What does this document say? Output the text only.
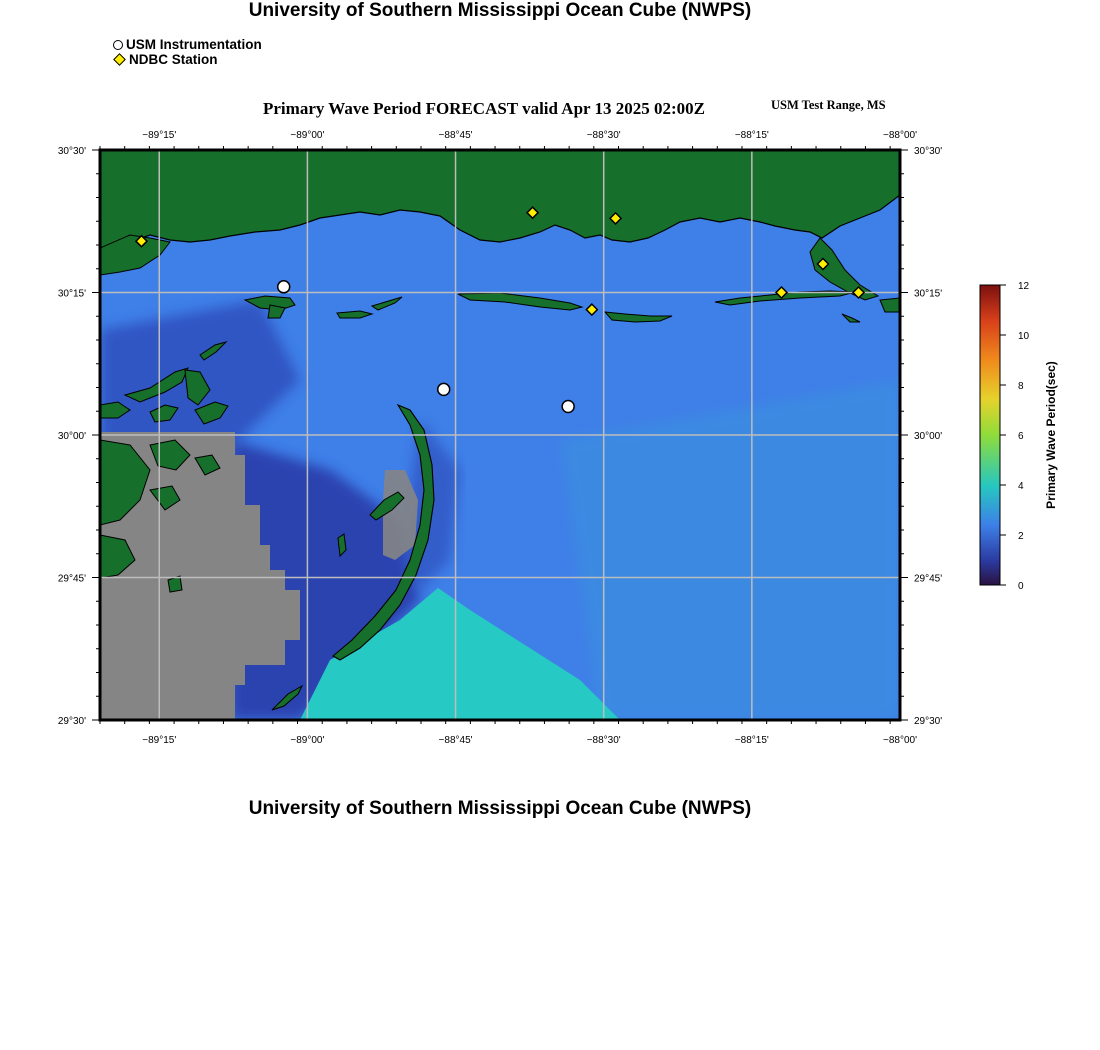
University of Southern Mississippi Ocean Cube (NWPS)
USM Instrumentation
NDBC Station
Primary Wave Period FORECAST valid Apr 13 2025 02:00Z	USM Test Range, MS
−89°15'
−89°15'
−89°00'
−89°00'
−88°45'
−88°45'
−88°30'
−88°30'
−88°15'
−88°15'
−88°00'
−88°00'
30°30'	30°30'
30°15'	30°15'
30°00'	30°00'
29°45'	29°45'
29°30'	29°30'
0
2
4
6
8
10
12
Primary Wave Period(sec)
University of Southern Mississippi Ocean Cube (NWPS)
